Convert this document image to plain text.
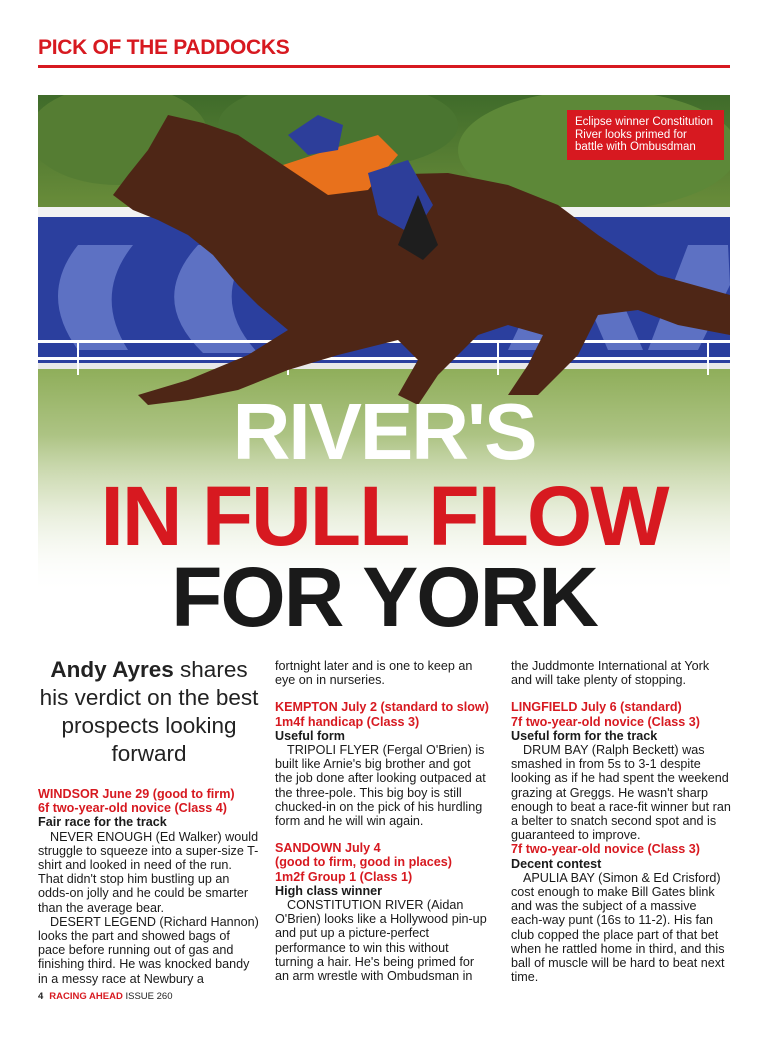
PICK OF THE PADDOCKS
Eclipse winner Constitution River looks primed for battle with Ombusdman
RIVER'S
IN FULL FLOW
FOR YORK
Andy Ayres shares his verdict on the best prospects looking forward
WINDSOR June 29 (good to firm)
6f two-year-old novice (Class 4)
Fair race for the track
NEVER ENOUGH (Ed Walker) would struggle to squeeze into a super-size T-shirt and looked in need of the run. That didn't stop him bustling up an odds-on jolly and he could be smarter than the average bear.
DESERT LEGEND (Richard Hannon) looks the part and showed bags of pace before running out of gas and finishing third. He was knocked bandy in a messy race at Newbury a
fortnight later and is one to keep an eye on in nurseries.
KEMPTON July 2 (standard to slow)
1m4f handicap (Class 3)
Useful form
TRIPOLI FLYER (Fergal O'Brien) is built like Arnie's big brother and got the job done after looking outpaced at the three-pole. This big boy is still chucked-in on the pick of his hurdling form and he will win again.
SANDOWN July 4
(good to firm, good in places)
1m2f Group 1 (Class 1)
High class winner
CONSTITUTION RIVER (Aidan O'Brien) looks like a Hollywood pin-up and put up a picture-perfect performance to win this without turning a hair. He's being primed for an arm wrestle with Ombudsman in
the Juddmonte International at York and will take plenty of stopping.
LINGFIELD July 6 (standard)
7f two-year-old novice (Class 3)
Useful form for the track
DRUM BAY (Ralph Beckett) was smashed in from 5s to 3-1 despite looking as if he had spent the weekend grazing at Greggs. He wasn't sharp enough to beat a race-fit winner but ran a belter to snatch second spot and is guaranteed to improve.
7f two-year-old novice (Class 3)
Decent contest
APULIA BAY (Simon & Ed Crisford) cost enough to make Bill Gates blink and was the subject of a massive each-way punt (16s to 11-2). His fan club copped the place part of that bet when he rattled home in third, and this ball of muscle will be hard to beat next time.
4 RACING AHEAD ISSUE 260
